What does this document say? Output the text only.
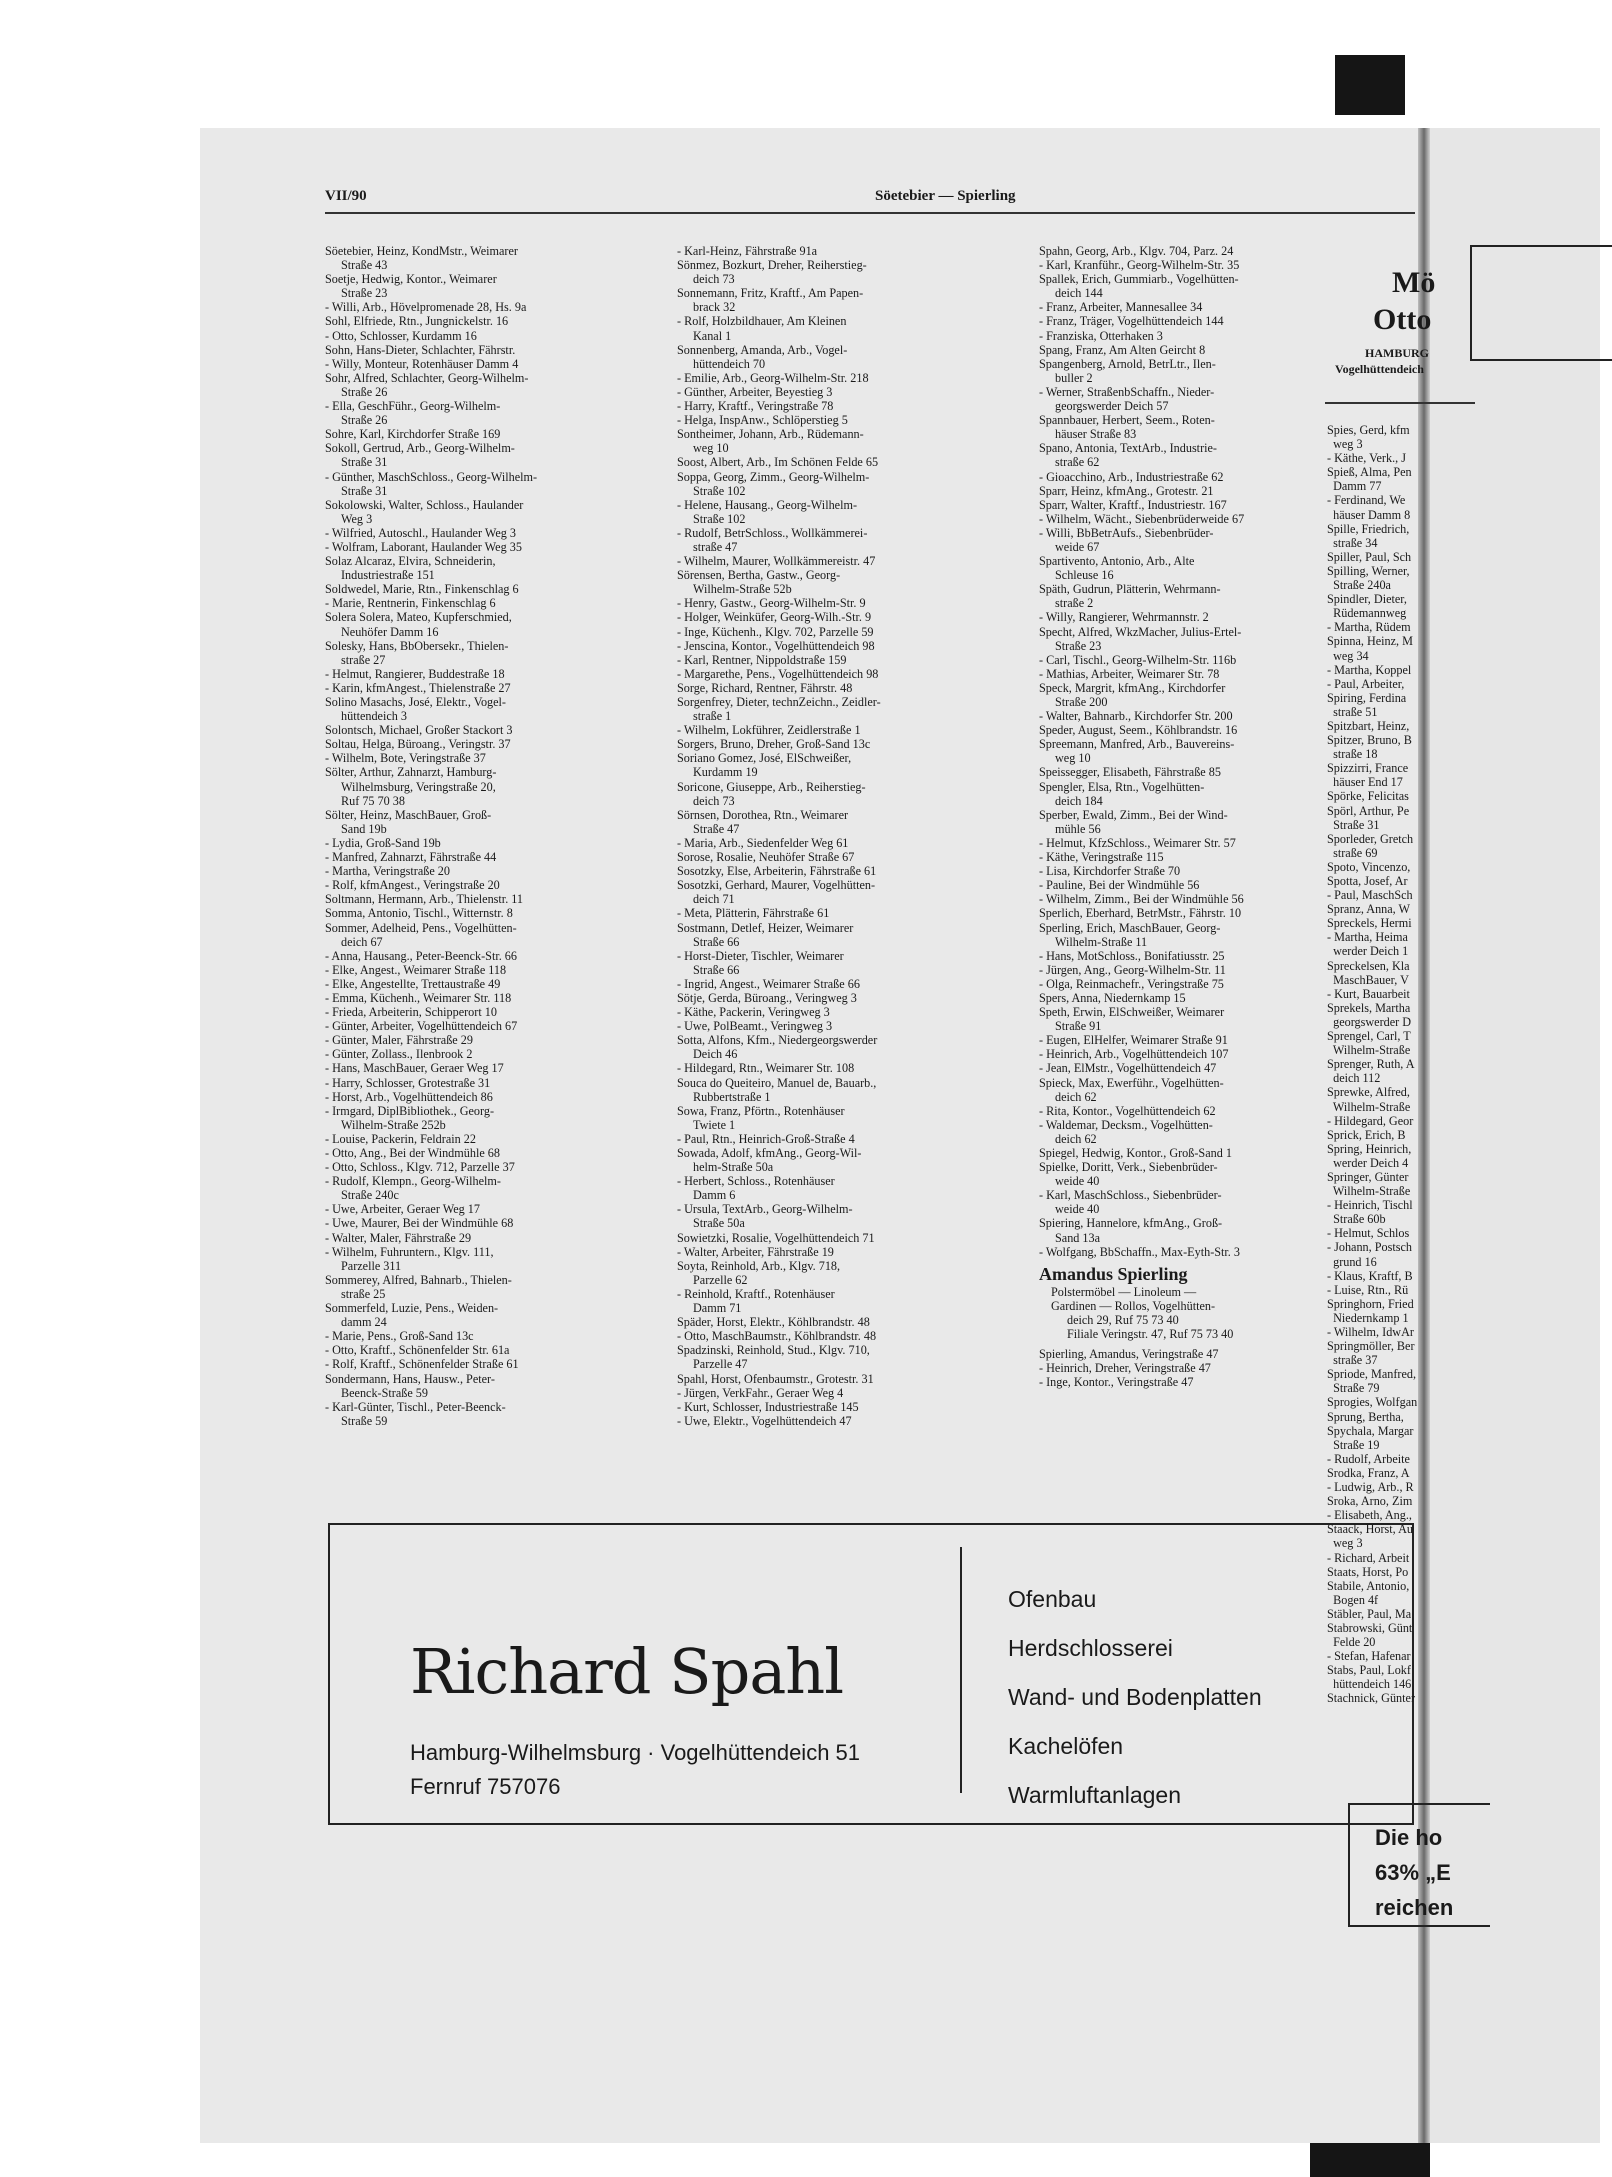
VII/90	Söetebier — Spierling
Söetebier, Heinz, KondMstr., Weimarer
Straße 43
Soetje, Hedwig, Kontor., Weimarer
Straße 23
- Willi, Arb., Hövelpromenade 28, Hs. 9a
Sohl, Elfriede, Rtn., Jungnickelstr. 16
- Otto, Schlosser, Kurdamm 16
Sohn, Hans-Dieter, Schlachter, Fährstr.
- Willy, Monteur, Rotenhäuser Damm 4
Sohr, Alfred, Schlachter, Georg-Wilhelm-
Straße 26
- Ella, GeschFühr., Georg-Wilhelm-
Straße 26
Sohre, Karl, Kirchdorfer Straße 169
Sokoll, Gertrud, Arb., Georg-Wilhelm-
Straße 31
- Günther, MaschSchloss., Georg-Wilhelm-
Straße 31
Sokolowski, Walter, Schloss., Haulander
Weg 3
- Wilfried, Autoschl., Haulander Weg 3
- Wolfram, Laborant, Haulander Weg 35
Solaz Alcaraz, Elvira, Schneiderin,
Industriestraße 151
Soldwedel, Marie, Rtn., Finkenschlag 6
- Marie, Rentnerin, Finkenschlag 6
Solera Solera, Mateo, Kupferschmied,
Neuhöfer Damm 16
Solesky, Hans, BbObersekr., Thielen-
straße 27
- Helmut, Rangierer, Buddestraße 18
- Karin, kfmAngest., Thielenstraße 27
Solino Masachs, José, Elektr., Vogel-
hüttendeich 3
Solontsch, Michael, Großer Stackort 3
Soltau, Helga, Büroang., Veringstr. 37
- Wilhelm, Bote, Veringstraße 37
Sölter, Arthur, Zahnarzt, Hamburg-
Wilhelmsburg, Veringstraße 20,
Ruf 75 70 38
Sölter, Heinz, MaschBauer, Groß-
Sand 19b
- Lydia, Groß-Sand 19b
- Manfred, Zahnarzt, Fährstraße 44
- Martha, Veringstraße 20
- Rolf, kfmAngest., Veringstraße 20
Soltmann, Hermann, Arb., Thielenstr. 11
Somma, Antonio, Tischl., Witternstr. 8
Sommer, Adelheid, Pens., Vogelhütten-
deich 67
- Anna, Hausang., Peter-Beenck-Str. 66
- Elke, Angest., Weimarer Straße 118
- Elke, Angestellte, Trettaustraße 49
- Emma, Küchenh., Weimarer Str. 118
- Frieda, Arbeiterin, Schipperort 10
- Günter, Arbeiter, Vogelhüttendeich 67
- Günter, Maler, Fährstraße 29
- Günter, Zollass., Ilenbrook 2
- Hans, MaschBauer, Geraer Weg 17
- Harry, Schlosser, Grotestraße 31
- Horst, Arb., Vogelhüttendeich 86
- Irmgard, DiplBibliothek., Georg-
Wilhelm-Straße 252b
- Louise, Packerin, Feldrain 22
- Otto, Ang., Bei der Windmühle 68
- Otto, Schloss., Klgv. 712, Parzelle 37
- Rudolf, Klempn., Georg-Wilhelm-
Straße 240c
- Uwe, Arbeiter, Geraer Weg 17
- Uwe, Maurer, Bei der Windmühle 68
- Walter, Maler, Fährstraße 29
- Wilhelm, Fuhruntern., Klgv. 111,
Parzelle 311
Sommerey, Alfred, Bahnarb., Thielen-
straße 25
Sommerfeld, Luzie, Pens., Weiden-
damm 24
- Marie, Pens., Groß-Sand 13c
- Otto, Kraftf., Schönenfelder Str. 61a
- Rolf, Kraftf., Schönenfelder Straße 61
Sondermann, Hans, Hausw., Peter-
Beenck-Straße 59
- Karl-Günter, Tischl., Peter-Beenck-
Straße 59
- Karl-Heinz, Fährstraße 91a
Sönmez, Bozkurt, Dreher, Reiherstieg-
deich 73
Sonnemann, Fritz, Kraftf., Am Papen-
brack 32
- Rolf, Holzbildhauer, Am Kleinen
Kanal 1
Sonnenberg, Amanda, Arb., Vogel-
hüttendeich 70
- Emilie, Arb., Georg-Wilhelm-Str. 218
- Günther, Arbeiter, Beyestieg 3
- Harry, Kraftf., Veringstraße 78
- Helga, InspAnw., Schlöperstieg 5
Sontheimer, Johann, Arb., Rüdemann-
weg 10
Soost, Albert, Arb., Im Schönen Felde 65
Soppa, Georg, Zimm., Georg-Wilhelm-
Straße 102
- Helene, Hausang., Georg-Wilhelm-
Straße 102
- Rudolf, BetrSchloss., Wollkämmerei-
straße 47
- Wilhelm, Maurer, Wollkämmereistr. 47
Sörensen, Bertha, Gastw., Georg-
Wilhelm-Straße 52b
- Henry, Gastw., Georg-Wilhelm-Str. 9
- Holger, Weinküfer, Georg-Wilh.-Str. 9
- Inge, Küchenh., Klgv. 702, Parzelle 59
- Jenscina, Kontor., Vogelhüttendeich 98
- Karl, Rentner, Nippoldstraße 159
- Margarethe, Pens., Vogelhüttendeich 98
Sorge, Richard, Rentner, Fährstr. 48
Sorgenfrey, Dieter, technZeichn., Zeidler-
straße 1
- Wilhelm, Lokführer, Zeidlerstraße 1
Sorgers, Bruno, Dreher, Groß-Sand 13c
Soriano Gomez, José, ElSchweißer,
Kurdamm 19
Soricone, Giuseppe, Arb., Reiherstieg-
deich 73
Sörnsen, Dorothea, Rtn., Weimarer
Straße 47
- Maria, Arb., Siedenfelder Weg 61
Sorose, Rosalie, Neuhöfer Straße 67
Sosotzky, Else, Arbeiterin, Fährstraße 61
Sosotzki, Gerhard, Maurer, Vogelhütten-
deich 71
- Meta, Plätterin, Fährstraße 61
Sostmann, Detlef, Heizer, Weimarer
Straße 66
- Horst-Dieter, Tischler, Weimarer
Straße 66
- Ingrid, Angest., Weimarer Straße 66
Sötje, Gerda, Büroang., Veringweg 3
- Käthe, Packerin, Veringweg 3
- Uwe, PolBeamt., Veringweg 3
Sotta, Alfons, Kfm., Niedergeorgswerder
Deich 46
- Hildegard, Rtn., Weimarer Str. 108
Souca do Queiteiro, Manuel de, Bauarb.,
Rubbertstraße 1
Sowa, Franz, Pförtn., Rotenhäuser
Twiete 1
- Paul, Rtn., Heinrich-Groß-Straße 4
Sowada, Adolf, kfmAng., Georg-Wil-
helm-Straße 50a
- Herbert, Schloss., Rotenhäuser
Damm 6
- Ursula, TextArb., Georg-Wilhelm-
Straße 50a
Sowietzki, Rosalie, Vogelhüttendeich 71
- Walter, Arbeiter, Fährstraße 19
Soyta, Reinhold, Arb., Klgv. 718,
Parzelle 62
- Reinhold, Kraftf., Rotenhäuser
Damm 71
Späder, Horst, Elektr., Köhlbrandstr. 48
- Otto, MaschBaumstr., Köhlbrandstr. 48
Spadzinski, Reinhold, Stud., Klgv. 710,
Parzelle 47
Spahl, Horst, Ofenbaumstr., Grotestr. 31
- Jürgen, VerkFahr., Geraer Weg 4
- Kurt, Schlosser, Industriestraße 145
- Uwe, Elektr., Vogelhüttendeich 47
Spahn, Georg, Arb., Klgv. 704, Parz. 24
- Karl, Kranführ., Georg-Wilhelm-Str. 35
Spallek, Erich, Gummiarb., Vogelhütten-
deich 144
- Franz, Arbeiter, Mannesallee 34
- Franz, Träger, Vogelhüttendeich 144
- Franziska, Otterhaken 3
Spang, Franz, Am Alten Geircht 8
Spangenberg, Arnold, BetrLtr., Ilen-
buller 2
- Werner, StraßenbSchaffn., Nieder-
georgswerder Deich 57
Spannbauer, Herbert, Seem., Roten-
häuser Straße 83
Spano, Antonia, TextArb., Industrie-
straße 62
- Gioacchino, Arb., Industriestraße 62
Sparr, Heinz, kfmAng., Grotestr. 21
Sparr, Walter, Kraftf., Industriestr. 167
- Wilhelm, Wächt., Siebenbrüderweide 67
- Willi, BbBetrAufs., Siebenbrüder-
weide 67
Spartivento, Antonio, Arb., Alte
Schleuse 16
Späth, Gudrun, Plätterin, Wehrmann-
straße 2
- Willy, Rangierer, Wehrmannstr. 2
Specht, Alfred, WkzMacher, Julius-Ertel-
Straße 23
- Carl, Tischl., Georg-Wilhelm-Str. 116b
- Mathias, Arbeiter, Weimarer Str. 78
Speck, Margrit, kfmAng., Kirchdorfer
Straße 200
- Walter, Bahnarb., Kirchdorfer Str. 200
Speder, August, Seem., Köhlbrandstr. 16
Spreemann, Manfred, Arb., Bauvereins-
weg 10
Speissegger, Elisabeth, Fährstraße 85
Spengler, Elsa, Rtn., Vogelhütten-
deich 184
Sperber, Ewald, Zimm., Bei der Wind-
mühle 56
- Helmut, KfzSchloss., Weimarer Str. 57
- Käthe, Veringstraße 115
- Lisa, Kirchdorfer Straße 70
- Pauline, Bei der Windmühle 56
- Wilhelm, Zimm., Bei der Windmühle 56
Sperlich, Eberhard, BetrMstr., Fährstr. 10
Sperling, Erich, MaschBauer, Georg-
Wilhelm-Straße 11
- Hans, MotSchloss., Bonifatiusstr. 25
- Jürgen, Ang., Georg-Wilhelm-Str. 11
- Olga, Reinmachefr., Veringstraße 75
Spers, Anna, Niedernkamp 15
Speth, Erwin, ElSchweißer, Weimarer
Straße 91
- Eugen, ElHelfer, Weimarer Straße 91
- Heinrich, Arb., Vogelhüttendeich 107
- Jean, ElMstr., Vogelhüttendeich 47
Spieck, Max, Ewerführ., Vogelhütten-
deich 62
- Rita, Kontor., Vogelhüttendeich 62
- Waldemar, Decksm., Vogelhütten-
deich 62
Spiegel, Hedwig, Kontor., Groß-Sand 1
Spielke, Doritt, Verk., Siebenbrüder-
weide 40
- Karl, MaschSchloss., Siebenbrüder-
weide 40
Spiering, Hannelore, kfmAng., Groß-
Sand 13a
- Wolfgang, BbSchaffn., Max-Eyth-Str. 3
Amandus Spierling
Polstermöbel — Linoleum —
Gardinen — Rollos, Vogelhütten-
deich 29, Ruf 75 73 40
Filiale Veringstr. 47, Ruf 75 73 40
Spierling, Amandus, Veringstraße 47
- Heinrich, Dreher, Veringstraße 47
- Inge, Kontor., Veringstraße 47
Richard Spahl
Hamburg-Wilhelmsburg · Vogelhüttendeich 51
Fernruf 757076
Ofenbau
Herdschlosserei
Wand- und Bodenplatten
Kachelöfen
Warmluftanlagen
Mö
Otto
HAMBURG
Vogelhüttendeich
Spies, Gerd, kfm
weg 3
- Käthe, Verk., J
Spieß, Alma, Pen
Damm 77
- Ferdinand, We
häuser Damm 8
Spille, Friedrich,
straße 34
Spiller, Paul, Sch
Spilling, Werner,
Straße 240a
Spindler, Dieter,
Rüdemannweg
- Martha, Rüdem
Spinna, Heinz, M
weg 34
- Martha, Koppel
- Paul, Arbeiter,
Spiring, Ferdina
straße 51
Spitzbart, Heinz,
Spitzer, Bruno, B
straße 18
Spizzirri, France
häuser End 17
Spörke, Felicitas
Spörl, Arthur, Pe
Straße 31
Sporleder, Gretch
straße 69
Spoto, Vincenzo,
Spotta, Josef, Ar
- Paul, MaschSch
Spranz, Anna, W
Spreckels, Hermi
- Martha, Heima
werder Deich 1
Spreckelsen, Kla
MaschBauer, V
- Kurt, Bauarbeit
Sprekels, Martha
georgswerder D
Sprengel, Carl, T
Wilhelm-Straße
Sprenger, Ruth, A
deich 112
Sprewke, Alfred,
Wilhelm-Straße
- Hildegard, Geor
Sprick, Erich, B
Spring, Heinrich,
werder Deich 4
Springer, Günter
Wilhelm-Straße
- Heinrich, Tischl
Straße 60b
- Helmut, Schlos
- Johann, Postsch
grund 16
- Klaus, Kraftf, B
- Luise, Rtn., Rü
Springhorn, Fried
Niedernkamp 1
- Wilhelm, IdwAr
Springmöller, Ber
straße 37
Spriode, Manfred,
Straße 79
Sprogies, Wolfgan
Sprung, Bertha,
Spychala, Margar
Straße 19
- Rudolf, Arbeite
Srodka, Franz, A
- Ludwig, Arb., R
Sroka, Arno, Zim
- Elisabeth, Ang.,
Staack, Horst, Au
weg 3
- Richard, Arbeit
Staats, Horst, Po
Stabile, Antonio,
Bogen 4f
Stäbler, Paul, Ma
Stabrowski, Günt
Felde 20
- Stefan, Hafenar
Stabs, Paul, Lokf
hüttendeich 146
Stachnick, Günter
Die ho
63% „E
reichen
